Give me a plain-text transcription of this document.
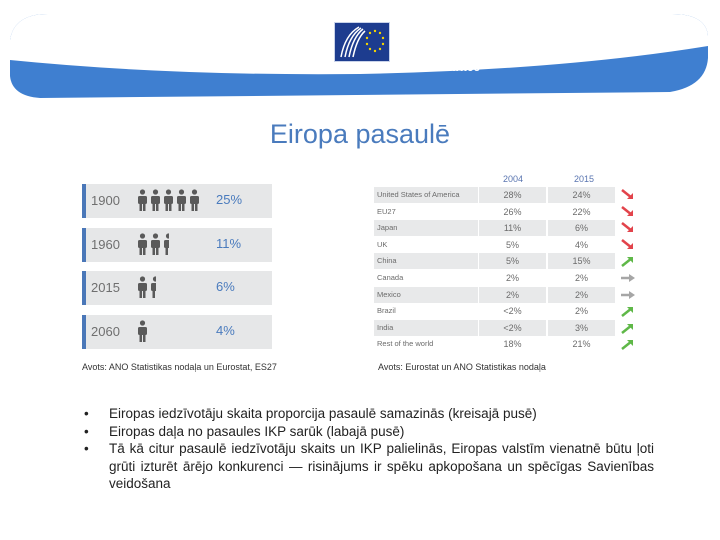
European Economic and Social Committee
Eiropa pasaulē
1900	25%
1960	11%
2015	6%
2060	4%
2004	2015
United States of America	28%	24%
EU27	26%	22%
Japan	11%	6%
UK	5%	4%
China	5%	15%
Canada	2%	2%
Mexico	2%	2%
Brazil	<2%	2%
India	<2%	3%
Rest of the world	18%	21%
Avots: ANO Statistikas nodaļa un Eurostat, ES27	Avots: Eurostat un ANO Statistikas nodaļa
• Eiropas iedzīvotāju skaita proporcija pasaulē samazinās (kreisajā pusē)
• Eiropas daļa no pasaules IKP sarūk (labajā pusē)
• Tā kā citur pasaulē iedzīvotāju skaits un IKP palielinās, Eiropas valstīm vienatnē būtu ļoti grūti izturēt ārējo konkurenci — risinājums ir spēku apkopošana un spēcīgas Savienības veidošana
